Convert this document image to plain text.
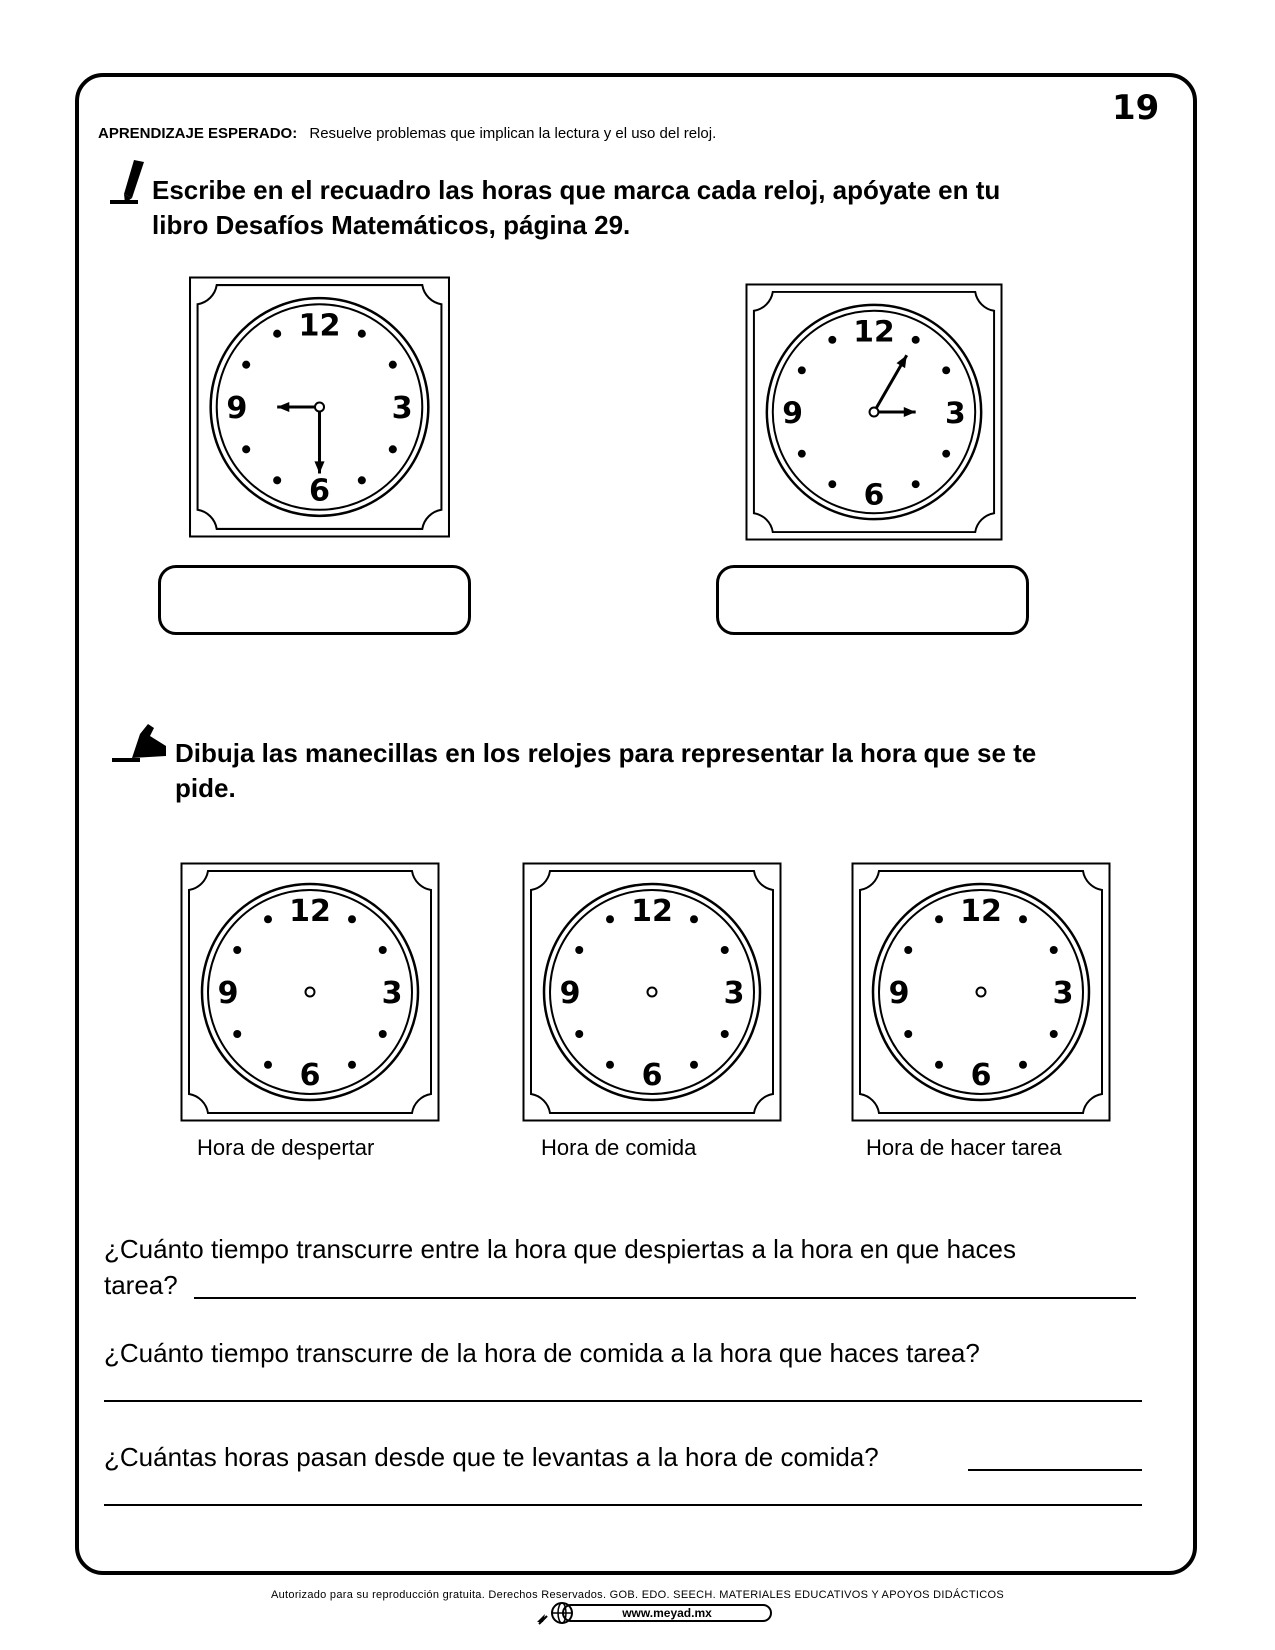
19
APRENDIZAJE ESPERADO: Resuelve problemas que implican la lectura y el uso del reloj.
Escribe en el recuadro las horas que marca cada reloj, apóyate en tu
libro Desafíos Matemáticos, página 29.
12
3
6
9
12
3
6
9
Dibuja las manecillas en los relojes para representar la hora que se te
pide.
12
3
6
9
12
3
6
9
12
3
6
9
Hora de despertar	Hora de comida	Hora de hacer tarea
¿Cuánto tiempo transcurre entre la hora que despiertas a la hora en que haces
tarea?
¿Cuánto tiempo transcurre de la hora de comida a la hora que haces tarea?
¿Cuántas horas pasan desde que te levantas a la hora de comida?
Autorizado para su reproducción gratuita. Derechos Reservados. GOB. EDO. SEECH. MATERIALES EDUCATIVOS Y APOYOS DIDÁCTICOS
www.meyad.mx
